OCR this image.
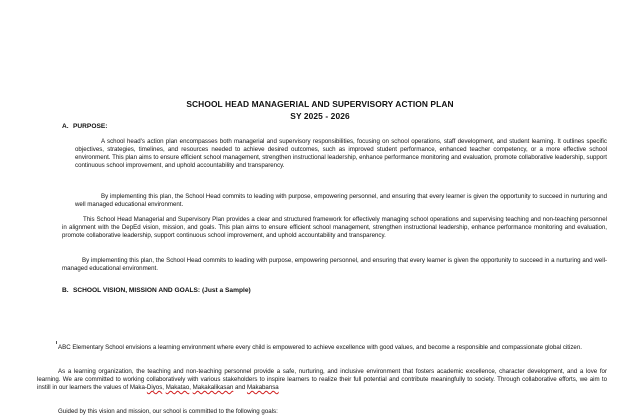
SCHOOL HEAD MANAGERIAL AND SUPERVISORY ACTION PLAN
SY 2025 - 2026
A. PURPOSE:
A school head's action plan encompasses both managerial and supervisory responsibilities, focusing on school operations, staff development, and student learning. It outlines specific objectives, strategies, timelines, and resources needed to achieve desired outcomes, such as improved student performance, enhanced teacher competency, or a more effective school environment. This plan aims to ensure efficient school management, strengthen instructional leadership, enhance performance monitoring and evaluation, promote collaborative leadership, support continuous school improvement, and uphold accountability and transparency.
By implementing this plan, the School Head commits to leading with purpose, empowering personnel, and ensuring that every learner is given the opportunity to succeed in nurturing and well managed educational environment.
This School Head Managerial and Supervisory Plan provides a clear and structured framework for effectively managing school operations and supervising teaching and non-teaching personnel in alignment with the DepEd vision, mission, and goals. This plan aims to ensure efficient school management, strengthen instructional leadership, enhance performance monitoring and evaluation, promote collaborative leadership, support continuous school improvement, and uphold accountability and transparency.
By implementing this plan, the School Head commits to leading with purpose, empowering personnel, and ensuring that every learner is given the opportunity to succeed in a nurturing and well-managed educational environment.
B. SCHOOL VISION, MISSION AND GOALS: (Just a Sample)
ABC Elementary School envisions a learning environment where every child is empowered to achieve excellence with good values, and become a responsible and compassionate global citizen.
As a learning organization, the teaching and non-teaching personnel provide a safe, nurturing, and inclusive environment that fosters academic excellence, character development, and a love for learning. We are committed to working collaboratively with various stakeholders to inspire learners to realize their full potential and contribute meaningfully to society. Through collaborative efforts, we aim to instill in our learners the values of Maka-Diyos, Makatao, Makakalikasan and Makabansa
Guided by this vision and mission, our school is committed to the following goals:
